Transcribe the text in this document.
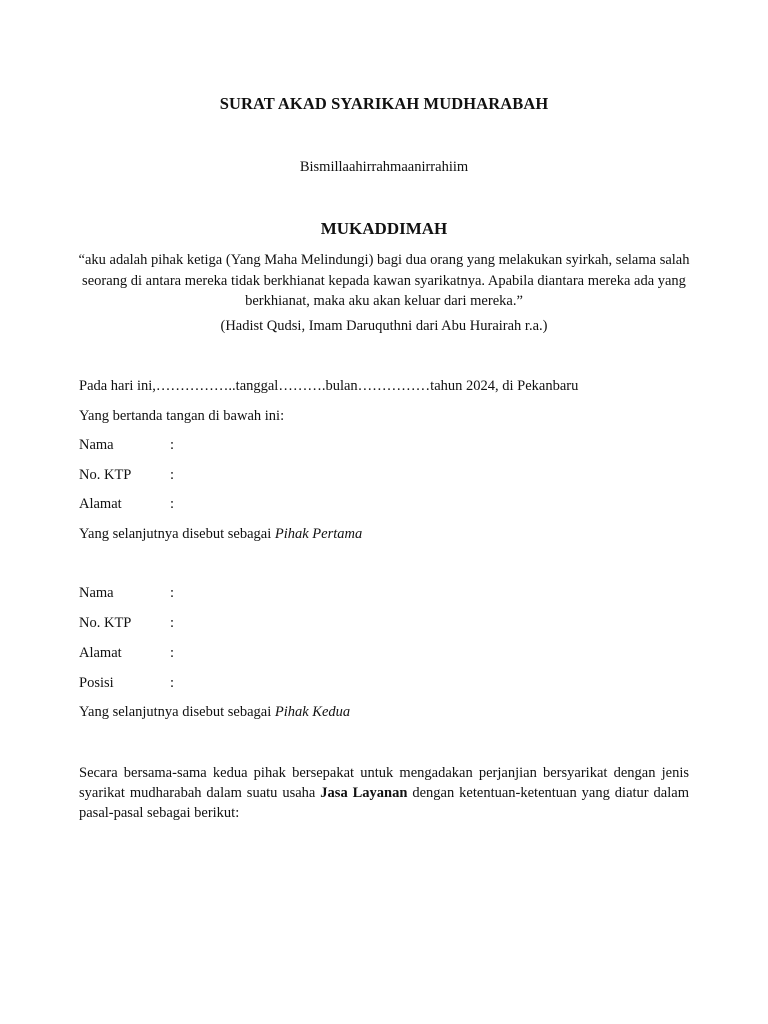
SURAT AKAD SYARIKAH MUDHARABAH
Bismillaahirrahmaanirrahiim
MUKADDIMAH
“aku adalah pihak ketiga (Yang Maha Melindungi) bagi dua orang yang melakukan syirkah, selama salah seorang di antara mereka tidak berkhianat kepada kawan syarikatnya. Apabila diantara mereka ada yang berkhianat, maka aku akan keluar dari mereka.”
(Hadist Qudsi, Imam Daruquthni dari Abu Hurairah r.a.)
Pada hari ini,……………..tanggal……….bulan……………tahun 2024, di Pekanbaru
Yang bertanda tangan di bawah ini:
Nama	:
No. KTP	:
Alamat	:
Yang selanjutnya disebut sebagai Pihak Pertama
Nama	:
No. KTP	:
Alamat	:
Posisi	:
Yang selanjutnya disebut sebagai Pihak Kedua
Secara bersama-sama kedua pihak bersepakat untuk mengadakan perjanjian bersyarikat dengan jenis syarikat mudharabah dalam suatu usaha Jasa Layanan dengan ketentuan-ketentuan yang diatur dalam pasal-pasal sebagai berikut:
